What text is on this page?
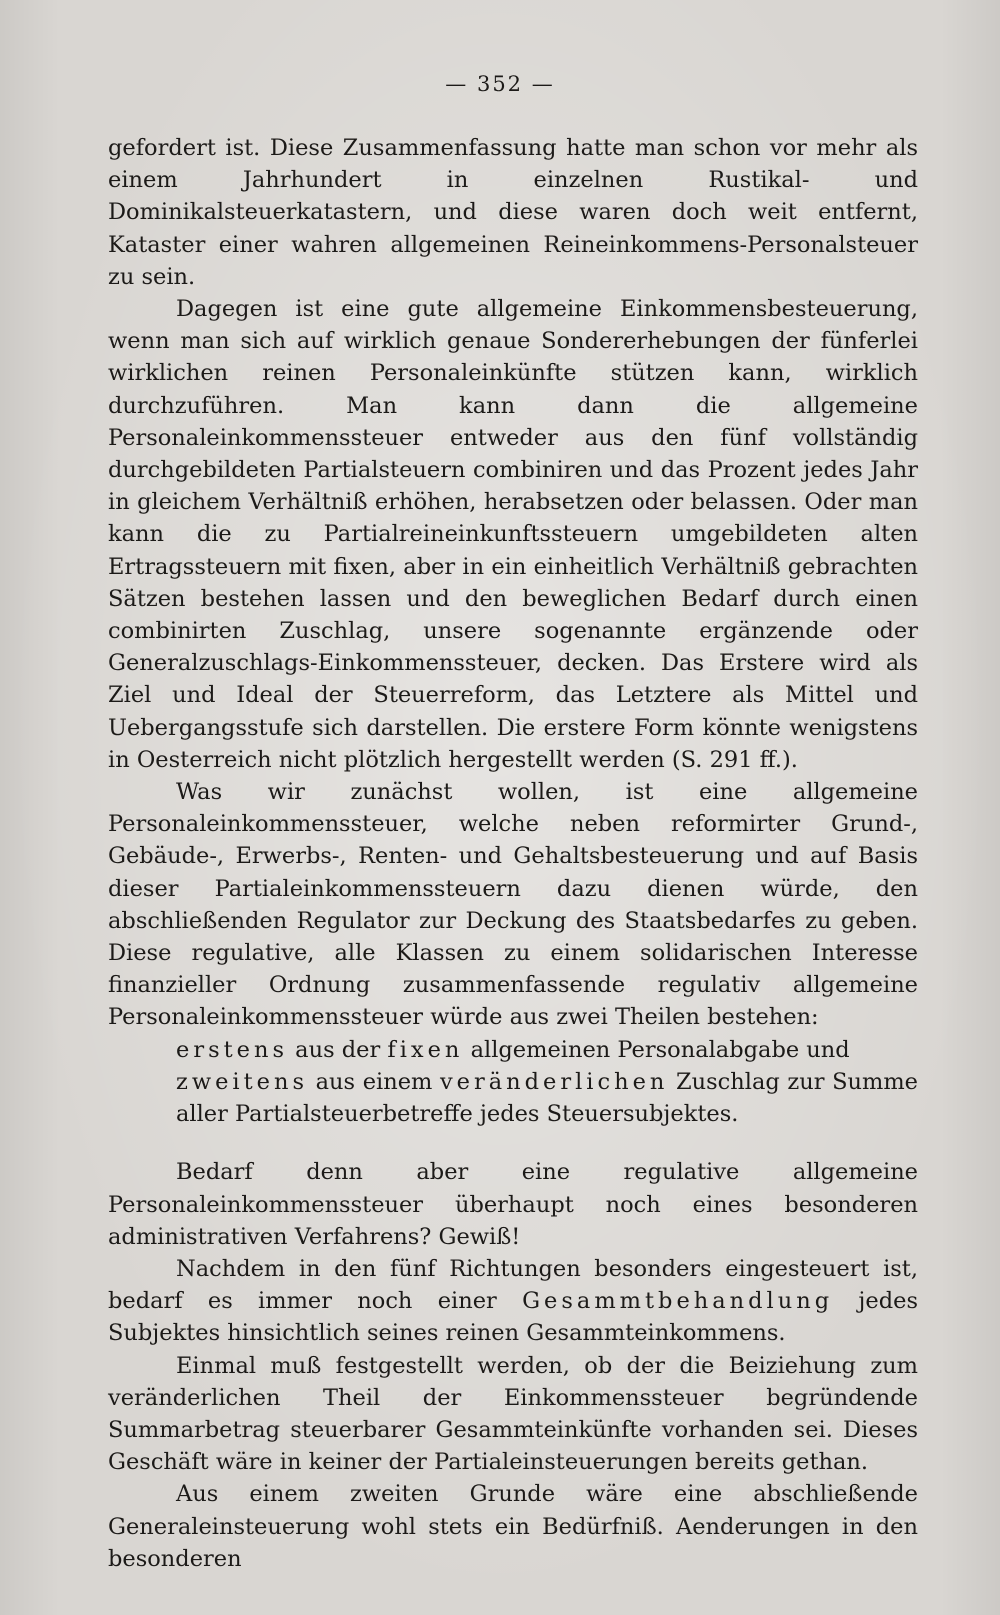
— 352 —

gefordert ist. Diese Zusammenfassung hatte man schon vor mehr als einem Jahrhundert in einzelnen Rustikal- und Dominikalsteuerkatastern, und diese waren doch weit entfernt, Kataster einer wahren allgemeinen Reineinkommens-Personalsteuer zu sein.

Dagegen ist eine gute allgemeine Einkommensbesteuerung, wenn man sich auf wirklich genaue Sondererhebungen der fünferlei wirklichen reinen Personaleinkünfte stützen kann, wirklich durchzuführen. Man kann dann die allgemeine Personaleinkommenssteuer entweder aus den fünf vollständig durchgebildeten Partialsteuern combiniren und das Prozent jedes Jahr in gleichem Verhältniß erhöhen, herabsetzen oder belassen. Oder man kann die zu Partialreineinkunftssteuern umgebildeten alten Ertragssteuern mit fixen, aber in ein einheitlich Verhältniß gebrachten Sätzen bestehen lassen und den beweglichen Bedarf durch einen combinirten Zuschlag, unsere sogenannte ergänzende oder Generalzuschlags-Einkommenssteuer, decken. Das Erstere wird als Ziel und Ideal der Steuerreform, das Letztere als Mittel und Uebergangsstufe sich darstellen. Die erstere Form könnte wenigstens in Oesterreich nicht plötzlich hergestellt werden (S. 291 ff.).

Was wir zunächst wollen, ist eine allgemeine Personaleinkommenssteuer, welche neben reformirter Grund-, Gebäude-, Erwerbs-, Renten- und Gehaltsbesteuerung und auf Basis dieser Partialeinkommenssteuern dazu dienen würde, den abschließenden Regulator zur Deckung des Staatsbedarfes zu geben. Diese regulative, alle Klassen zu einem solidarischen Interesse finanzieller Ordnung zusammenfassende regulativ allgemeine Personaleinkommenssteuer würde aus zwei Theilen bestehen:

erstens aus der fixen allgemeinen Personalabgabe und

zweitens aus einem veränderlichen Zuschlag zur Summe aller Partialsteuerbetreffe jedes Steuersubjektes.

Bedarf denn aber eine regulative allgemeine Personaleinkommenssteuer überhaupt noch eines besonderen administrativen Verfahrens? Gewiß!

Nachdem in den fünf Richtungen besonders eingesteuert ist, bedarf es immer noch einer Gesammtbehandlung jedes Subjektes hinsichtlich seines reinen Gesammteinkommens.

Einmal muß festgestellt werden, ob der die Beiziehung zum veränderlichen Theil der Einkommenssteuer begründende Summarbetrag steuerbarer Gesammteinkünfte vorhanden sei. Dieses Geschäft wäre in keiner der Partialeinsteuerungen bereits gethan.

Aus einem zweiten Grunde wäre eine abschließende Generaleinsteuerung wohl stets ein Bedürfniß. Aenderungen in den besonderen
